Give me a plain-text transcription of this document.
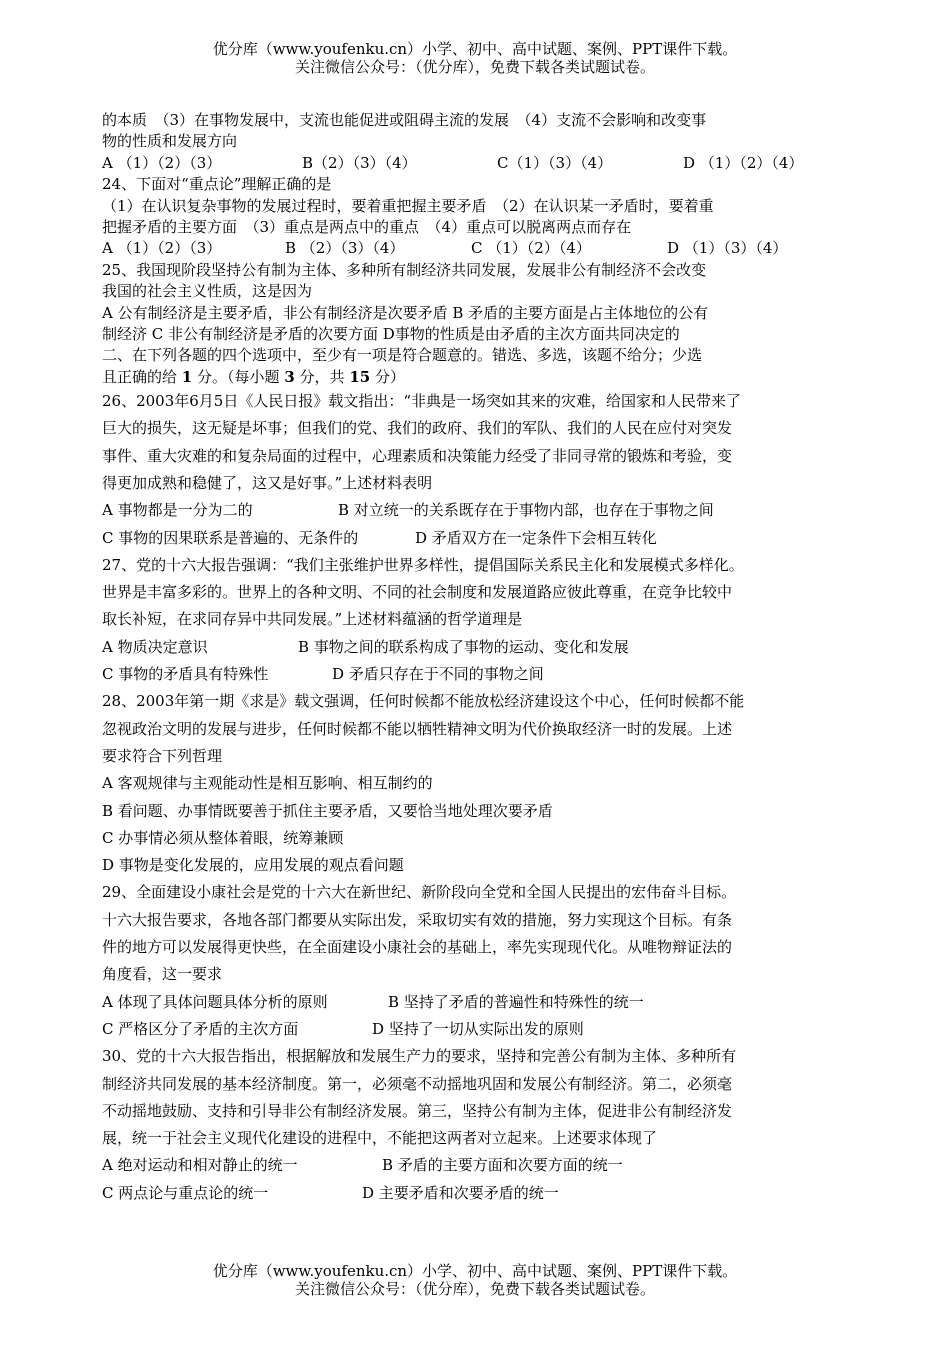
优分库（www.youfenku.cn）小学、初中、高中试题、案例、PPT课件下载。
关注微信公众号：（优分库），免费下载各类试题试卷。
的本质　（3）在事物发展中，支流也能促进或阻碍主流的发展　（4）支流不会影响和改变事
物的性质和发展方向
A （1）（2）（3）	B（2）（3）（4）	C（1）（3）（4）	D （1）（2）（4）
24、下面对“重点论”理解正确的是
（1）在认识复杂事物的发展过程时，要着重把握主要矛盾　（2）在认识某一矛盾时，要着重
把握矛盾的主要方面　（3）重点是两点中的重点　（4）重点可以脱离两点而存在
A （1）（2）（3）	B （2）（3）（4）	C （1）（2）（4）	D （1）（3）（4）
25、我国现阶段坚持公有制为主体、多种所有制经济共同发展，发展非公有制经济不会改变
我国的社会主义性质，这是因为
A 公有制经济是主要矛盾，非公有制经济是次要矛盾 B 矛盾的主要方面是占主体地位的公有
制经济 C 非公有制经济是矛盾的次要方面 D事物的性质是由矛盾的主次方面共同决定的
二、在下列各题的四个选项中，至少有一项是符合题意的。错选、多选，该题不给分；少选
且正确的给 1 分。（每小题 3 分，共 15 分）
26、2003年6月5日《人民日报》载文指出：“非典是一场突如其来的灾难，给国家和人民带来了
巨大的损失，这无疑是坏事；但我们的党、我们的政府、我们的军队、我们的人民在应付对突发
事件、重大灾难的和复杂局面的过程中，心理素质和决策能力经受了非同寻常的锻炼和考验，变
得更加成熟和稳健了，这又是好事。”上述材料表明
A 事物都是一分为二的	B 对立统一的关系既存在于事物内部，也存在于事物之间
C 事物的因果联系是普遍的、无条件的	D 矛盾双方在一定条件下会相互转化
27、党的十六大报告强调：“我们主张维护世界多样性，提倡国际关系民主化和发展模式多样化。
世界是丰富多彩的。世界上的各种文明、不同的社会制度和发展道路应彼此尊重，在竞争比较中
取长补短，在求同存异中共同发展。”上述材料蕴涵的哲学道理是
A 物质决定意识	B 事物之间的联系构成了事物的运动、变化和发展
C 事物的矛盾具有特殊性	D 矛盾只存在于不同的事物之间
28、2003年第一期《求是》载文强调，任何时候都不能放松经济建设这个中心，任何时候都不能
忽视政治文明的发展与进步，任何时候都不能以牺牲精神文明为代价换取经济一时的发展。上述
要求符合下列哲理
A 客观规律与主观能动性是相互影响、相互制约的
B 看问题、办事情既要善于抓住主要矛盾，又要恰当地处理次要矛盾
C 办事情必须从整体着眼，统筹兼顾
D 事物是变化发展的，应用发展的观点看问题
29、全面建设小康社会是党的十六大在新世纪、新阶段向全党和全国人民提出的宏伟奋斗目标。
十六大报告要求，各地各部门都要从实际出发，采取切实有效的措施，努力实现这个目标。有条
件的地方可以发展得更快些，在全面建设小康社会的基础上，率先实现现代化。从唯物辩证法的
角度看，这一要求
A 体现了具体问题具体分析的原则	B 坚持了矛盾的普遍性和特殊性的统一
C 严格区分了矛盾的主次方面	D 坚持了一切从实际出发的原则
30、党的十六大报告指出，根据解放和发展生产力的要求，坚持和完善公有制为主体、多种所有
制经济共同发展的基本经济制度。第一，必须毫不动摇地巩固和发展公有制经济。第二，必须毫
不动摇地鼓励、支持和引导非公有制经济发展。第三，坚持公有制为主体，促进非公有制经济发
展，统一于社会主义现代化建设的进程中，不能把这两者对立起来。上述要求体现了
A 绝对运动和相对静止的统一	B 矛盾的主要方面和次要方面的统一
C 两点论与重点论的统一	D 主要矛盾和次要矛盾的统一
优分库（www.youfenku.cn）小学、初中、高中试题、案例、PPT课件下载。
关注微信公众号：（优分库），免费下载各类试题试卷。
